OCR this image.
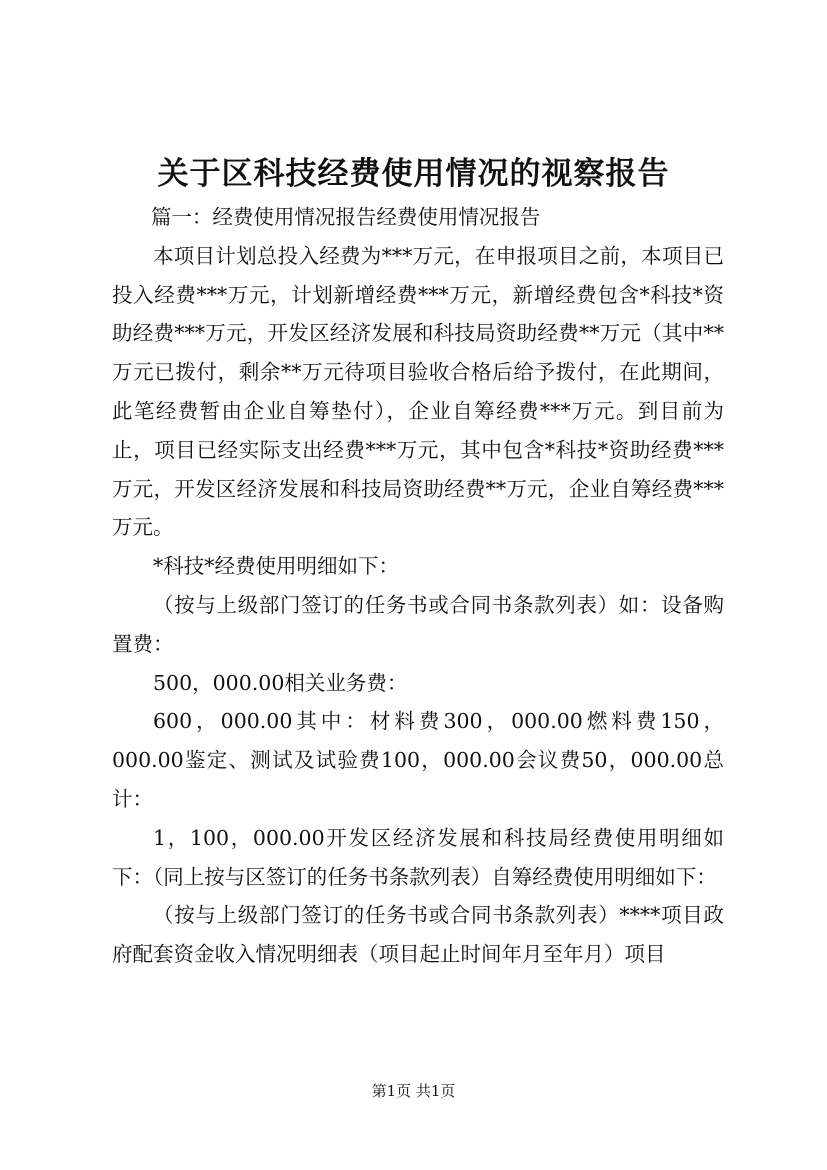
关于区科技经费使用情况的视察报告

篇一：经费使用情况报告经费使用情况报告

本项目计划总投入经费为***万元，在申报项目之前，本项目已投入经费***万元，计划新增经费***万元，新增经费包含*科技*资助经费***万元，开发区经济发展和科技局资助经费**万元（其中**万元已拨付，剩余**万元待项目验收合格后给予拨付，在此期间，此笔经费暂由企业自筹垫付），企业自筹经费***万元。到目前为止，项目已经实际支出经费***万元，其中包含*科技*资助经费***万元，开发区经济发展和科技局资助经费**万元，企业自筹经费***万元。

*科技*经费使用明细如下：

（按与上级部门签订的任务书或合同书条款列表）如：设备购置费：

500，000.00相关业务费：

600，000.00其中：材料费300，000.00燃料费150，000.00鉴定、测试及试验费100，000.00会议费50，000.00总计：

1，100，000.00开发区经济发展和科技局经费使用明细如下：（同上按与区签订的任务书条款列表）自筹经费使用明细如下：

（按与上级部门签订的任务书或合同书条款列表）****项目政府配套资金收入情况明细表（项目起止时间年月至年月）项目

第1页 共1页
